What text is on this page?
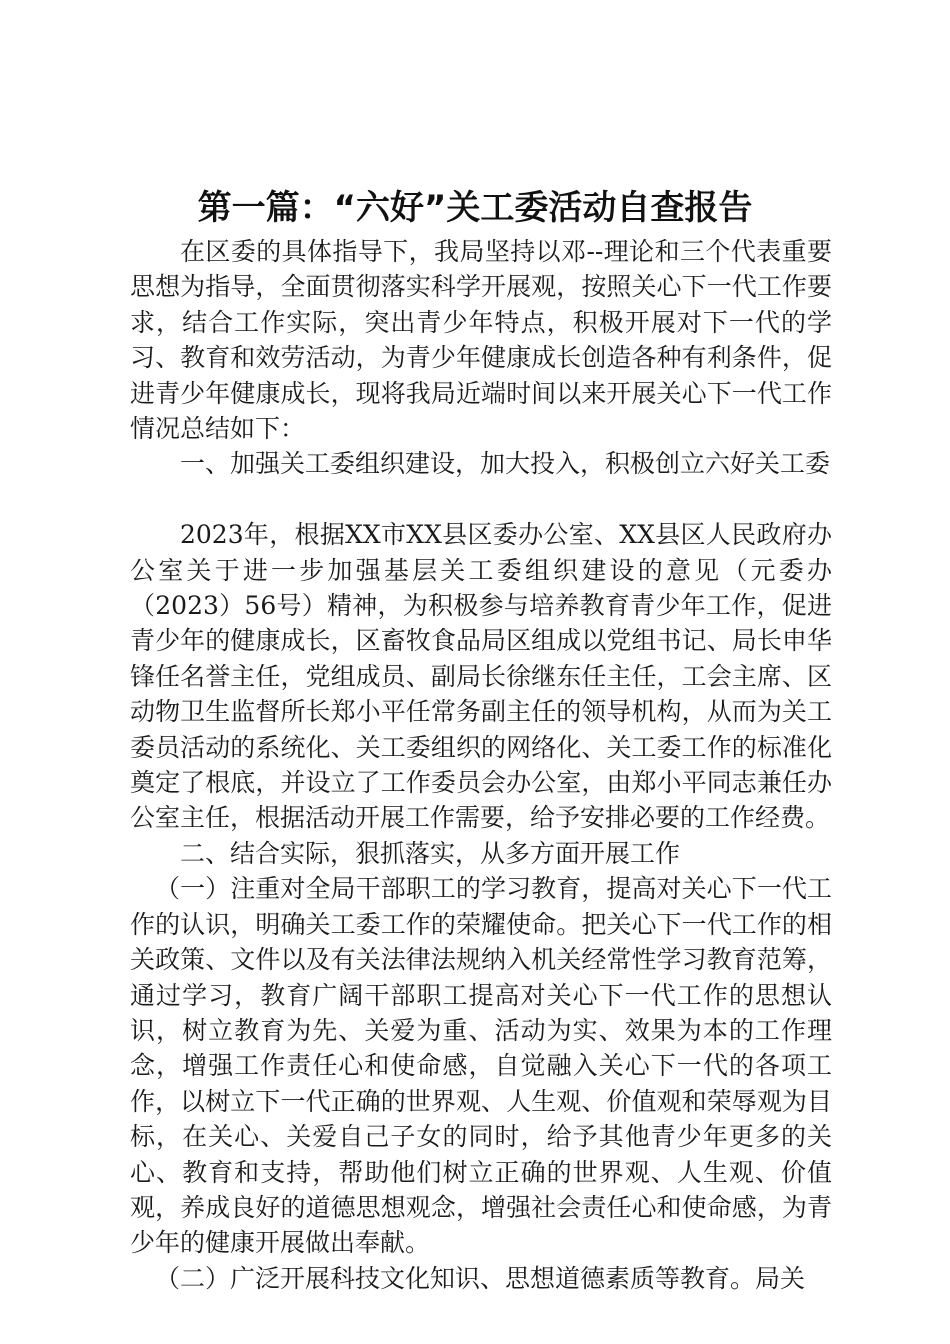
第一篇：“六好”关工委活动自查报告

在区委的具体指导下，我局坚持以邓--理论和三个代表重要思想为指导，全面贯彻落实科学开展观，按照关心下一代工作要求，结合工作实际，突出青少年特点，积极开展对下一代的学习、教育和效劳活动，为青少年健康成长创造各种有利条件，促进青少年健康成长，现将我局近端时间以来开展关心下一代工作情况总结如下：

一、加强关工委组织建设，加大投入，积极创立六好关工委

2023年，根据XX市XX县区委办公室、XX县区人民政府办公室关于进一步加强基层关工委组织建设的意见（元委办（2023）56号）精神，为积极参与培养教育青少年工作，促进青少年的健康成长，区畜牧食品局区组成以党组书记、局长申华锋任名誉主任，党组成员、副局长徐继东任主任，工会主席、区动物卫生监督所长郑小平任常务副主任的领导机构，从而为关工委员活动的系统化、关工委组织的网络化、关工委工作的标准化奠定了根底，并设立了工作委员会办公室，由郑小平同志兼任办公室主任，根据活动开展工作需要，给予安排必要的工作经费。

二、结合实际，狠抓落实，从多方面开展工作

（一）注重对全局干部职工的学习教育，提高对关心下一代工作的认识，明确关工委工作的荣耀使命。把关心下一代工作的相关政策、文件以及有关法律法规纳入机关经常性学习教育范筹，通过学习，教育广阔干部职工提高对关心下一代工作的思想认识，树立教育为先、关爱为重、活动为实、效果为本的工作理念，增强工作责任心和使命感，自觉融入关心下一代的各项工作，以树立下一代正确的世界观、人生观、价值观和荣辱观为目标，在关心、关爱自己子女的同时，给予其他青少年更多的关心、教育和支持，帮助他们树立正确的世界观、人生观、价值观，养成良好的道德思想观念，增强社会责任心和使命感，为青少年的健康开展做出奉献。

（二）广泛开展科技文化知识、思想道德素质等教育。局关
